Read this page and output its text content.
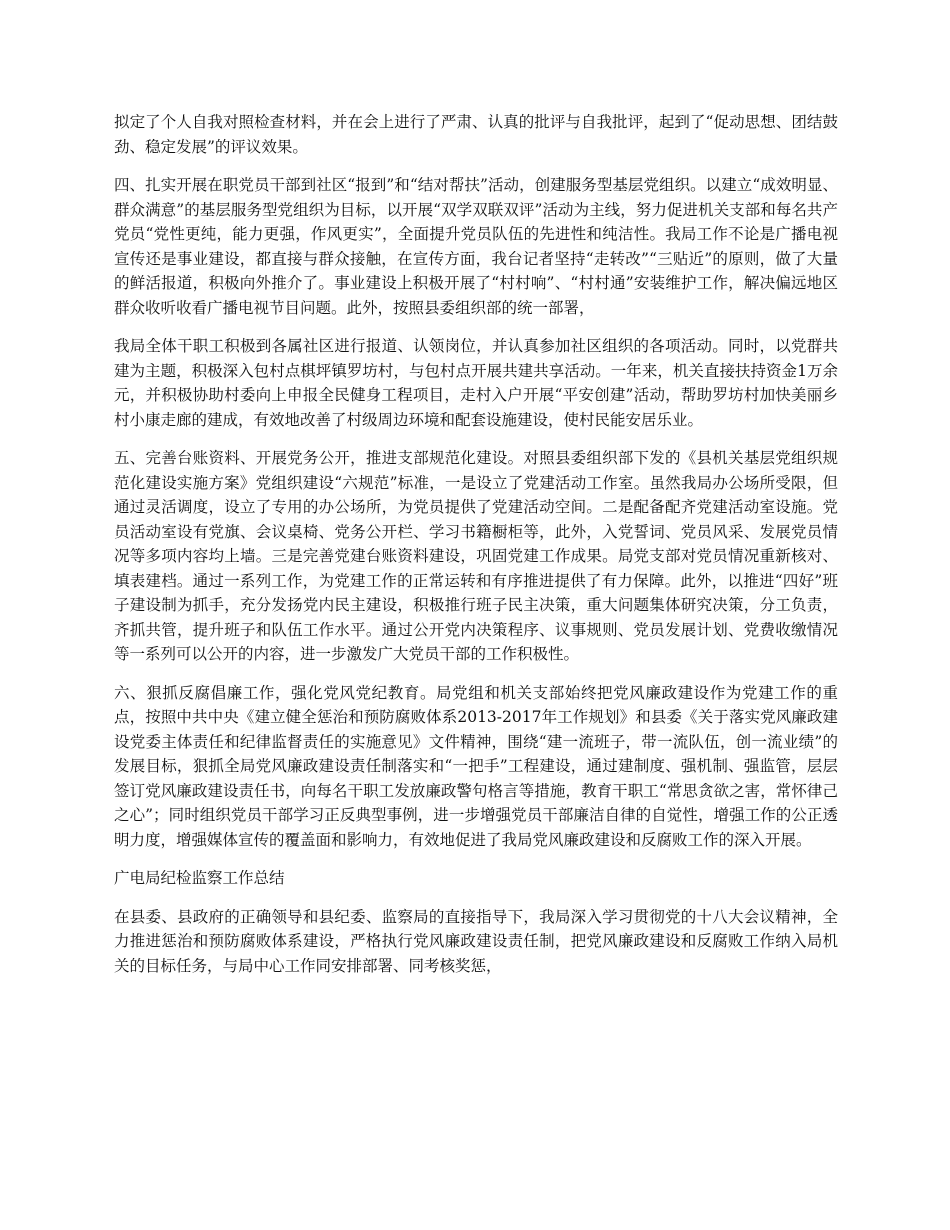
拟定了个人自我对照检查材料，并在会上进行了严肃、认真的批评与自我批评，起到了“促动思想、团结鼓劲、稳定发展”的评议效果。

四、扎实开展在职党员干部到社区“报到”和“结对帮扶”活动，创建服务型基层党组织。以建立“成效明显、群众满意”的基层服务型党组织为目标，以开展“双学双联双评”活动为主线，努力促进机关支部和每名共产党员“党性更纯，能力更强，作风更实”，全面提升党员队伍的先进性和纯洁性。我局工作不论是广播电视宣传还是事业建设，都直接与群众接触，在宣传方面，我台记者坚持“走转改”“三贴近”的原则，做了大量的鲜活报道，积极向外推介了。事业建设上积极开展了“村村响”、“村村通”安装维护工作，解决偏远地区群众收听收看广播电视节目问题。此外，按照县委组织部的统一部署，

我局全体干职工积极到各属社区进行报道、认领岗位，并认真参加社区组织的各项活动。同时，以党群共建为主题，积极深入包村点棋坪镇罗坊村，与包村点开展共建共享活动。一年来，机关直接扶持资金1万余元，并积极协助村委向上申报全民健身工程项目，走村入户开展“平安创建”活动，帮助罗坊村加快美丽乡村小康走廊的建成，有效地改善了村级周边环境和配套设施建设，使村民能安居乐业。

五、完善台账资料、开展党务公开，推进支部规范化建设。对照县委组织部下发的《县机关基层党组织规范化建设实施方案》党组织建设“六规范”标准，一是设立了党建活动工作室。虽然我局办公场所受限，但通过灵活调度，设立了专用的办公场所，为党员提供了党建活动空间。二是配备配齐党建活动室设施。党员活动室设有党旗、会议桌椅、党务公开栏、学习书籍橱柜等，此外，入党誓词、党员风采、发展党员情况等多项内容均上墙。三是完善党建台账资料建设，巩固党建工作成果。局党支部对党员情况重新核对、填表建档。通过一系列工作，为党建工作的正常运转和有序推进提供了有力保障。此外，以推进“四好”班子建设制为抓手，充分发扬党内民主建设，积极推行班子民主决策，重大问题集体研究决策，分工负责，齐抓共管，提升班子和队伍工作水平。通过公开党内决策程序、议事规则、党员发展计划、党费收缴情况等一系列可以公开的内容，进一步激发广大党员干部的工作积极性。

六、狠抓反腐倡廉工作，强化党风党纪教育。局党组和机关支部始终把党风廉政建设作为党建工作的重点，按照中共中央《建立健全惩治和预防腐败体系2013-2017年工作规划》和县委《关于落实党风廉政建设党委主体责任和纪律监督责任的实施意见》文件精神，围绕“建一流班子，带一流队伍，创一流业绩”的发展目标，狠抓全局党风廉政建设责任制落实和“一把手”工程建设，通过建制度、强机制、强监管，层层签订党风廉政建设责任书，向每名干职工发放廉政警句格言等措施，教育干职工“常思贪欲之害，常怀律己之心”；同时组织党员干部学习正反典型事例，进一步增强党员干部廉洁自律的自觉性，增强工作的公正透明力度，增强媒体宣传的覆盖面和影响力，有效地促进了我局党风廉政建设和反腐败工作的深入开展。

广电局纪检监察工作总结

在县委、县政府的正确领导和县纪委、监察局的直接指导下，我局深入学习贯彻党的十八大会议精神，全力推进惩治和预防腐败体系建设，严格执行党风廉政建设责任制，把党风廉政建设和反腐败工作纳入局机关的目标任务，与局中心工作同安排部署、同考核奖惩，
